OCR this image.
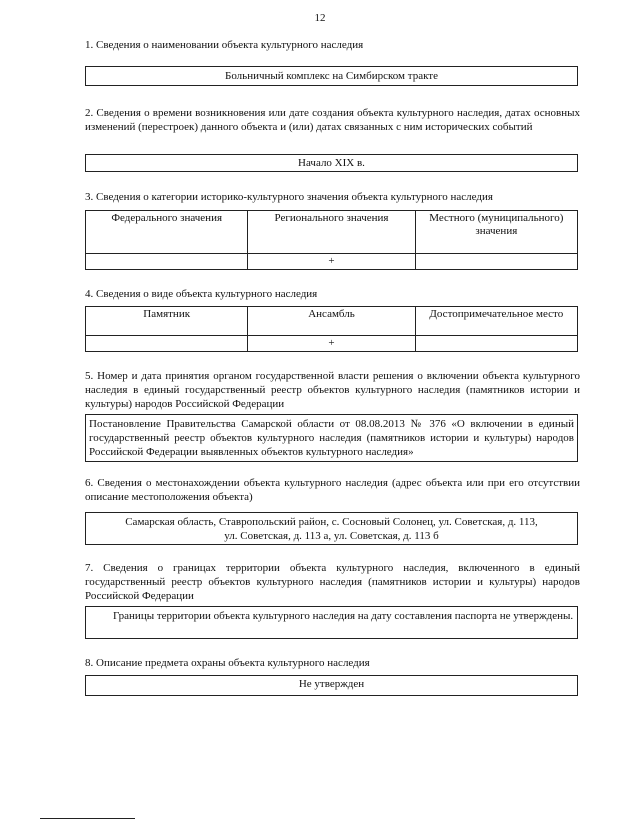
12
1. Сведения о наименовании объекта культурного наследия
Больничный комплекс на Симбирском тракте
2. Сведения о времени возникновения или дате создания объекта культурного наследия, датах основных изменений (перестроек) данного объекта и (или) датах связанных с ним исторических событий
Начало XIX в.
3. Сведения о категории историко-культурного значения объекта культурного наследия
Федерального значения	Регионального значения	Местного (муниципального) значения
	+	
4. Сведения о виде объекта культурного наследия
Памятник	Ансамбль	Достопримечательное место
	+	
5. Номер и дата принятия органом государственной власти решения о включении объекта культурного наследия в единый государственный реестр объектов культурного наследия (памятников истории и культуры) народов Российской Федерации
Постановление Правительства Самарской области от 08.08.2013 № 376 «О включении в единый государственный реестр объектов культурного наследия (памятников истории и культуры) народов Российской Федерации выявленных объектов культурного наследия»
6. Сведения о местонахождении объекта культурного наследия (адрес объекта или при его отсутствии описание местоположения объекта)
Самарская область, Ставропольский район, с. Сосновый Солонец, ул. Советская, д. 113,
ул. Советская, д. 113 а, ул. Советская, д. 113 б
7. Сведения о границах территории объекта культурного наследия, включенного в единый государственный реестр объектов культурного наследия (памятников истории и культуры) народов Российской Федерации
Границы территории объекта культурного наследия на дату составления паспорта не утверждены.
8. Описание предмета охраны объекта культурного наследия
Не утвержден
